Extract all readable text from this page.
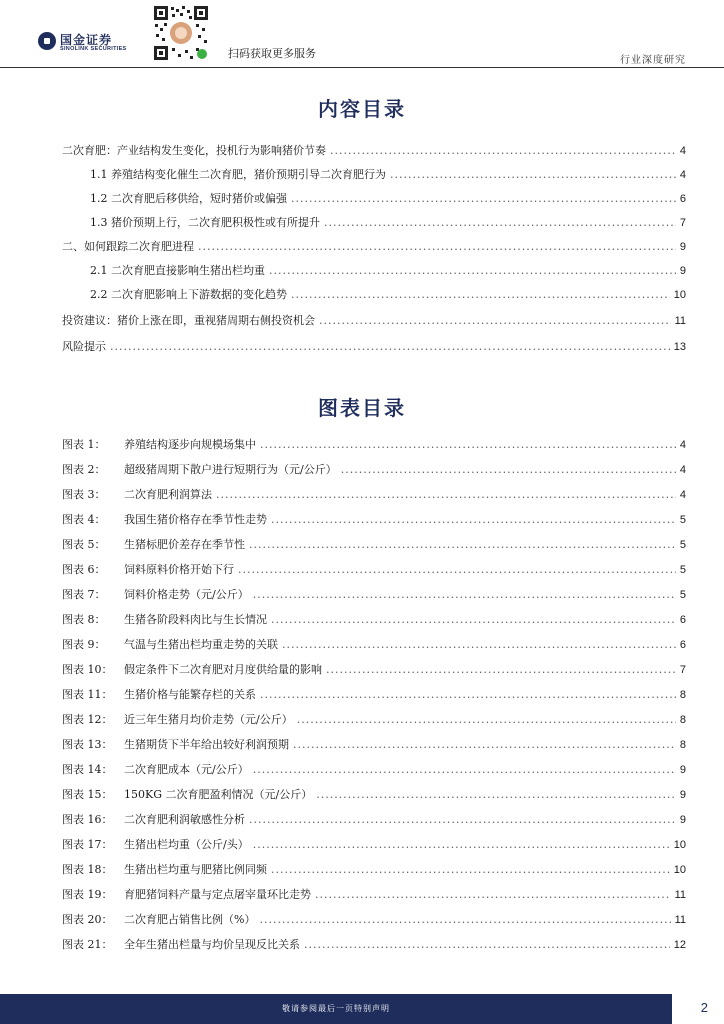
国金证券
SINOLINK SECURITIES	扫码获取更多服务
行业深度研究
内容目录
二次育肥：产业结构发生变化，投机行为影响猪价节奏 .....	4
1.1 养殖结构变化催生二次育肥，猪价预期引导二次育肥行为 .....	4
1.2 二次育肥后移供给，短时猪价或偏强 .....	6
1.3 猪价预期上行，二次育肥积极性或有所提升 .....	7
二、如何跟踪二次育肥进程 .....	9
2.1 二次育肥直接影响生猪出栏均重 .....	9
2.2 二次育肥影响上下游数据的变化趋势 .....	10
投资建议：猪价上涨在即，重视猪周期右侧投资机会 .....	11
风险提示 .....	13
图表目录
图表 1：	养殖结构逐步向规模场集中 .....	4
图表 2：	超级猪周期下散户进行短期行为（元/公斤） .....	4
图表 3：	二次育肥利润算法 .....	4
图表 4：	我国生猪价格存在季节性走势 .....	5
图表 5：	生猪标肥价差存在季节性 .....	5
图表 6：	饲料原料价格开始下行 .....	5
图表 7：	饲料价格走势（元/公斤） .....	5
图表 8：	生猪各阶段料肉比与生长情况 .....	6
图表 9：	气温与生猪出栏均重走势的关联 .....	6
图表 10：	假定条件下二次育肥对月度供给量的影响 .....	7
图表 11：	生猪价格与能繁存栏的关系 .....	8
图表 12：	近三年生猪月均价走势（元/公斤） .....	8
图表 13：	生猪期货下半年给出较好利润预期 .....	8
图表 14：	二次育肥成本（元/公斤） .....	9
图表 15：	150KG 二次育肥盈利情况（元/公斤） .....	9
图表 16：	二次育肥利润敏感性分析 .....	9
图表 17：	生猪出栏均重（公斤/头） .....	10
图表 18：	生猪出栏均重与肥猪比例同频 .....	10
图表 19：	育肥猪饲料产量与定点屠宰量环比走势 .....	11
图表 20：	二次育肥占销售比例（%） .....	11
图表 21：	全年生猪出栏量与均价呈现反比关系 .....	12
敬请参阅最后一页特别声明	2
